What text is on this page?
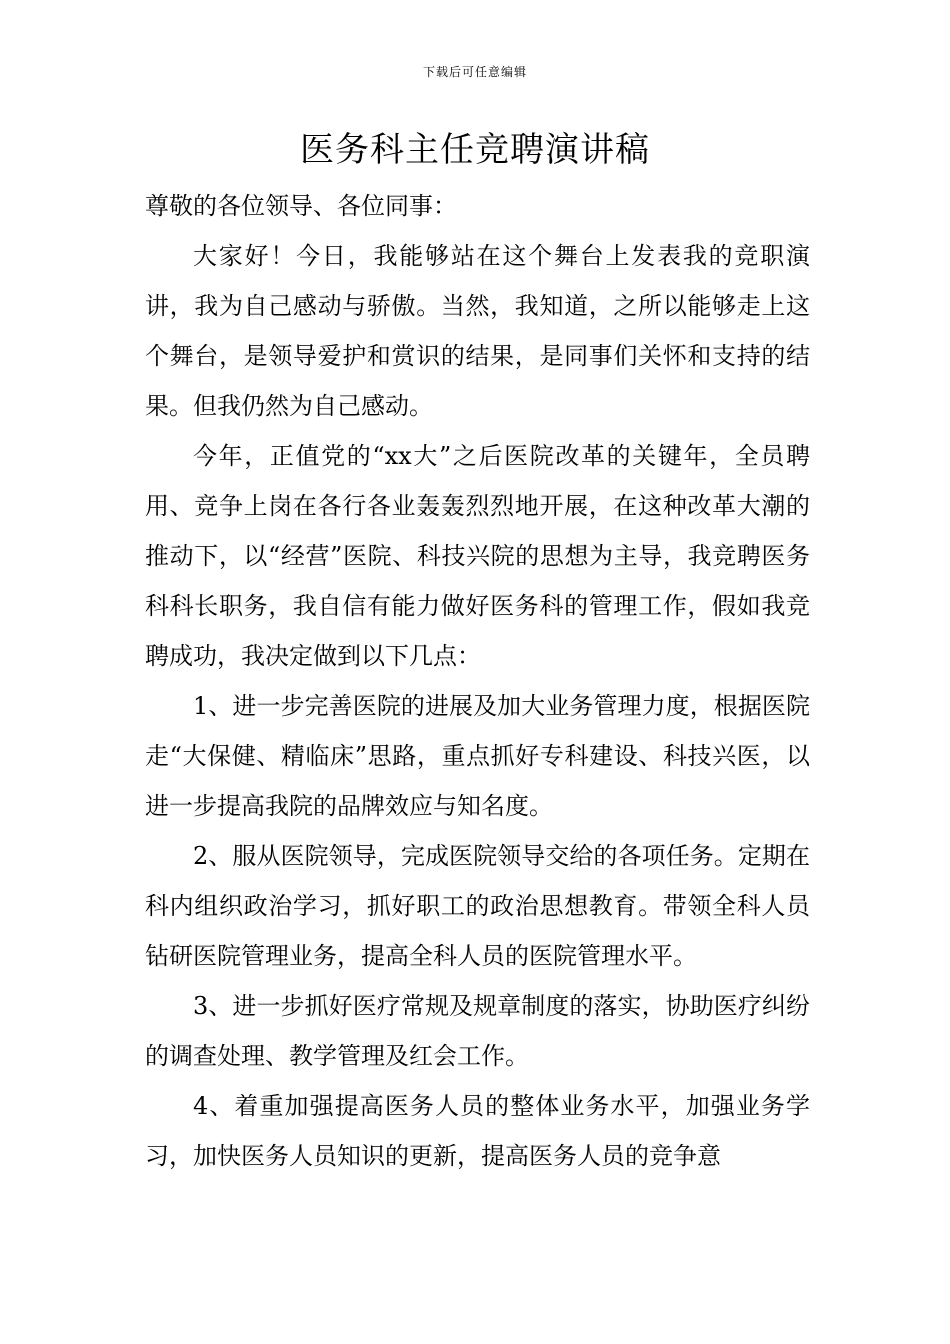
下载后可任意编辑
医务科主任竞聘演讲稿

尊敬的各位领导、各位同事：

大家好！今日，我能够站在这个舞台上发表我的竞职演讲，我为自己感动与骄傲。当然，我知道，之所以能够走上这个舞台，是领导爱护和赏识的结果，是同事们关怀和支持的结果。但我仍然为自己感动。

今年，正值党的“xx大”之后医院改革的关键年，全员聘用、竞争上岗在各行各业轰轰烈烈地开展，在这种改革大潮的推动下，以“经营”医院、科技兴院的思想为主导，我竞聘医务科科长职务，我自信有能力做好医务科的管理工作，假如我竞聘成功，我决定做到以下几点：

1、进一步完善医院的进展及加大业务管理力度，根据医院走“大保健、精临床”思路，重点抓好专科建设、科技兴医，以进一步提高我院的品牌效应与知名度。

2、服从医院领导，完成医院领导交给的各项任务。定期在科内组织政治学习，抓好职工的政治思想教育。带领全科人员钻研医院管理业务，提高全科人员的医院管理水平。

3、进一步抓好医疗常规及规章制度的落实，协助医疗纠纷的调查处理、教学管理及红会工作。

4、着重加强提高医务人员的整体业务水平，加强业务学习，加快医务人员知识的更新，提高医务人员的竞争意
